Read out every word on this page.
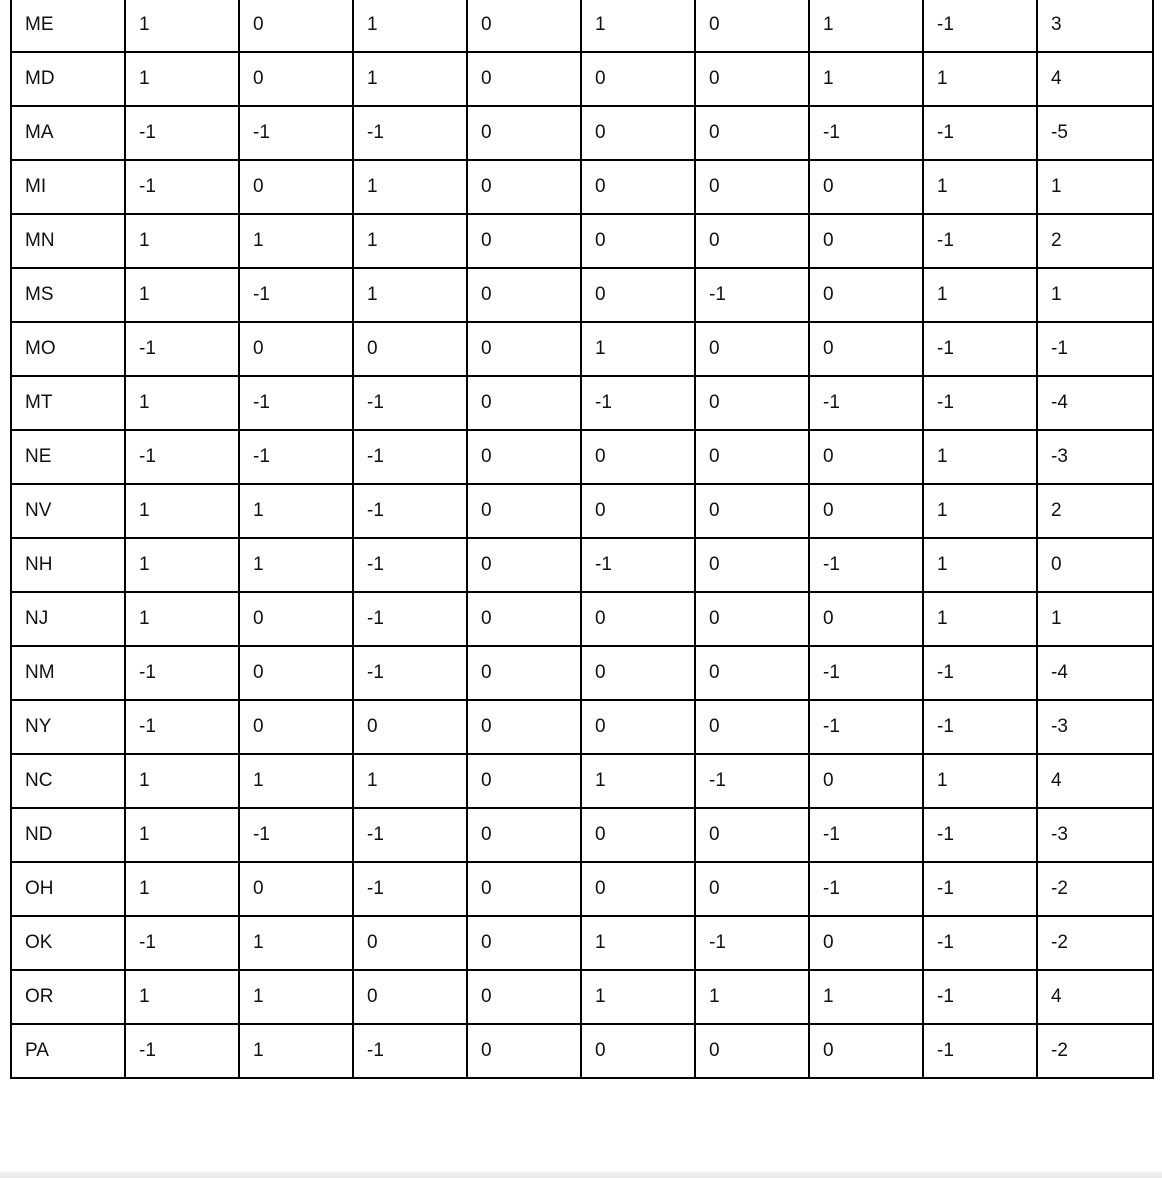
ME	1	0	1	0	1	0	1	-1	3
MD	1	0	1	0	0	0	1	1	4
MA	-1	-1	-1	0	0	0	-1	-1	-5
MI	-1	0	1	0	0	0	0	1	1
MN	1	1	1	0	0	0	0	-1	2
MS	1	-1	1	0	0	-1	0	1	1
MO	-1	0	0	0	1	0	0	-1	-1
MT	1	-1	-1	0	-1	0	-1	-1	-4
NE	-1	-1	-1	0	0	0	0	1	-3
NV	1	1	-1	0	0	0	0	1	2
NH	1	1	-1	0	-1	0	-1	1	0
NJ	1	0	-1	0	0	0	0	1	1
NM	-1	0	-1	0	0	0	-1	-1	-4
NY	-1	0	0	0	0	0	-1	-1	-3
NC	1	1	1	0	1	-1	0	1	4
ND	1	-1	-1	0	0	0	-1	-1	-3
OH	1	0	-1	0	0	0	-1	-1	-2
OK	-1	1	0	0	1	-1	0	-1	-2
OR	1	1	0	0	1	1	1	-1	4
PA	-1	1	-1	0	0	0	0	-1	-2
